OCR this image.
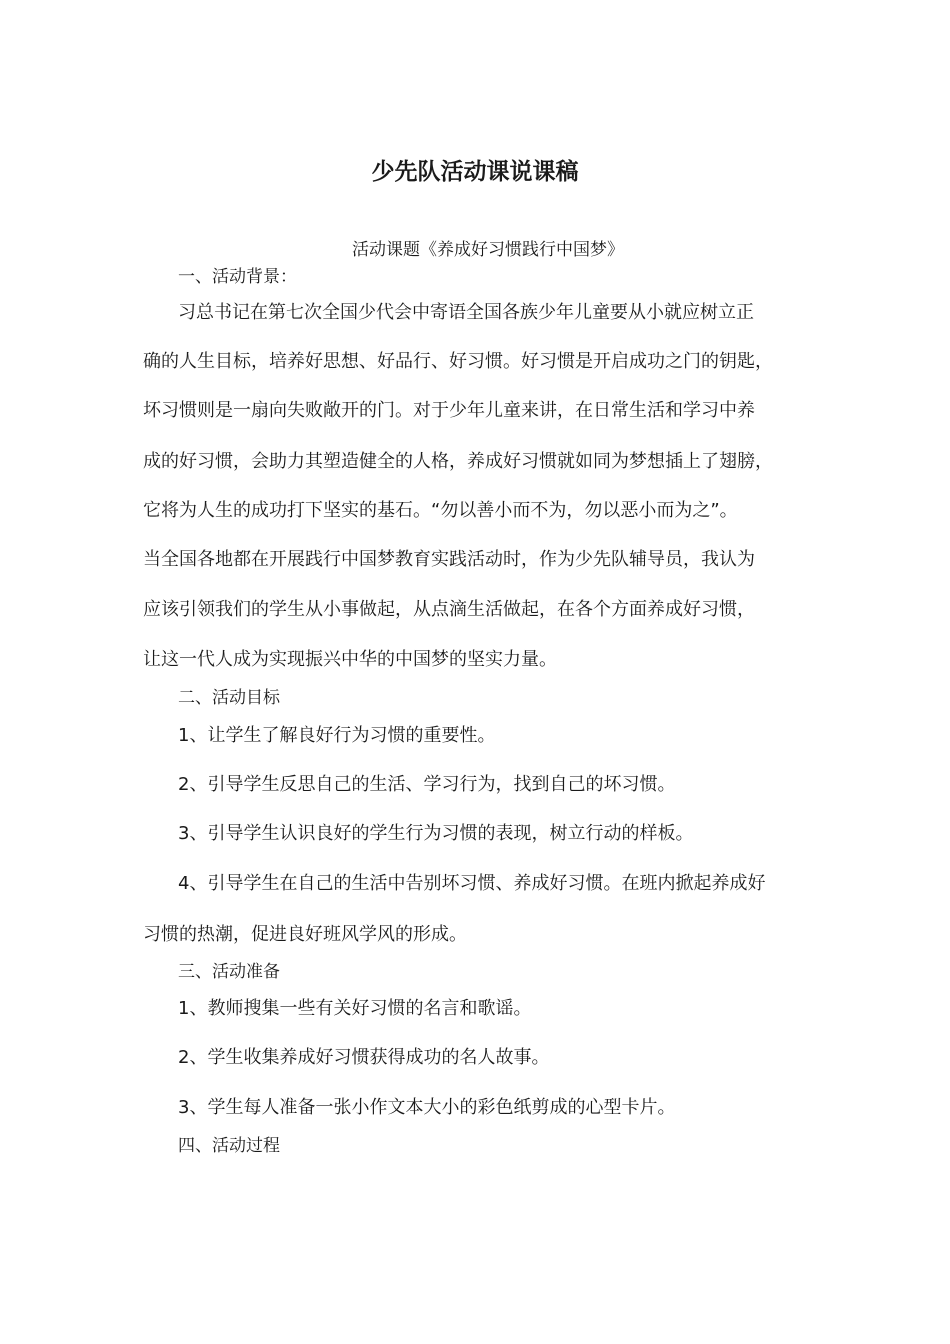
少先队活动课说课稿
活动课题《养成好习惯践行中国梦》
一、活动背景：
习总书记在第七次全国少代会中寄语全国各族少年儿童要从小就应树立正
确的人生目标，培养好思想、好品行、好习惯。好习惯是开启成功之门的钥匙，
坏习惯则是一扇向失败敞开的门。对于少年儿童来讲，在日常生活和学习中养
成的好习惯，会助力其塑造健全的人格，养成好习惯就如同为梦想插上了翅膀，
它将为人生的成功打下坚实的基石。“勿以善小而不为，勿以恶小而为之”。
当全国各地都在开展践行中国梦教育实践活动时，作为少先队辅导员，我认为
应该引领我们的学生从小事做起，从点滴生活做起，在各个方面养成好习惯，
让这一代人成为实现振兴中华的中国梦的坚实力量。
二、活动目标
1、让学生了解良好行为习惯的重要性。
2、引导学生反思自己的生活、学习行为，找到自己的坏习惯。
3、引导学生认识良好的学生行为习惯的表现，树立行动的样板。
4、引导学生在自己的生活中告别坏习惯、养成好习惯。在班内掀起养成好
习惯的热潮，促进良好班风学风的形成。
三、活动准备
1、教师搜集一些有关好习惯的名言和歌谣。
2、学生收集养成好习惯获得成功的名人故事。
3、学生每人准备一张小作文本大小的彩色纸剪成的心型卡片。
四、活动过程
